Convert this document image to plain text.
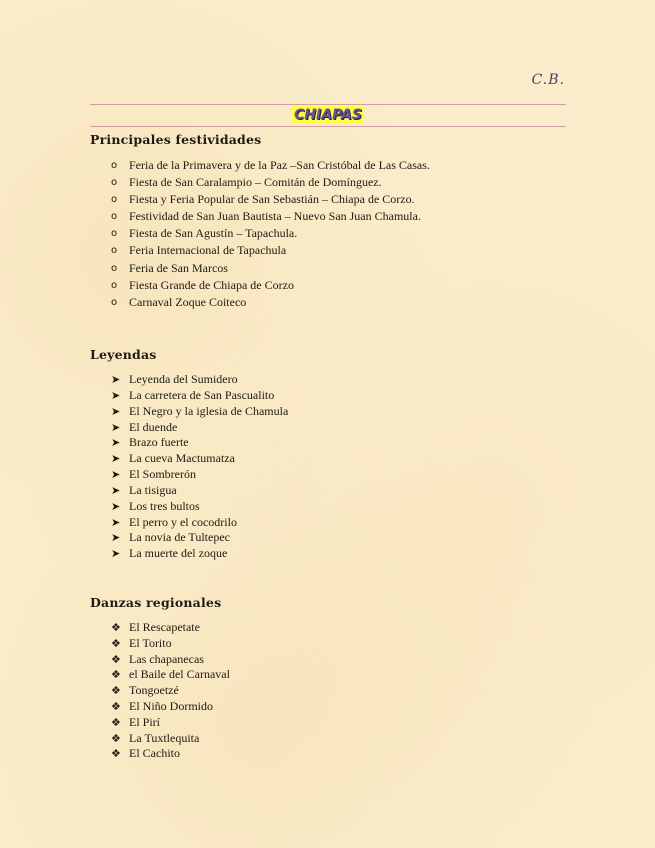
C.B.
CHIAPAS
Principales festividades
o Feria de la Primavera y de la Paz –San Cristóbal de Las Casas.
o Fiesta de San Caralampio – Comitán de Domínguez.
o Fiesta y Feria Popular de San Sebastián – Chiapa de Corzo.
o Festividad de San Juan Bautista – Nuevo San Juan Chamula.
o Fiesta de San Agustín – Tapachula.
o Feria Internacional de Tapachula
o Feria de San Marcos
o Fiesta Grande de Chiapa de Corzo
o Carnaval Zoque Coiteco
Leyendas
➤ Leyenda del Sumidero
➤ La carretera de San Pascualito
➤ El Negro y la iglesia de Chamula
➤ El duende
➤ Brazo fuerte
➤ La cueva Mactumatza
➤ El Sombrerón
➤ La tisigua
➤ Los tres bultos
➤ El perro y el cocodrilo
➤ La novia de Tultepec
➤ La muerte del zoque
Danzas regionales
❖ El Rescapetate
❖ El Torito
❖ Las chapanecas
❖ el Baile del Carnaval
❖ Tongoetzé
❖ El Niño Dormido
❖ El Pirí
❖ La Tuxtlequita
❖ El Cachito
